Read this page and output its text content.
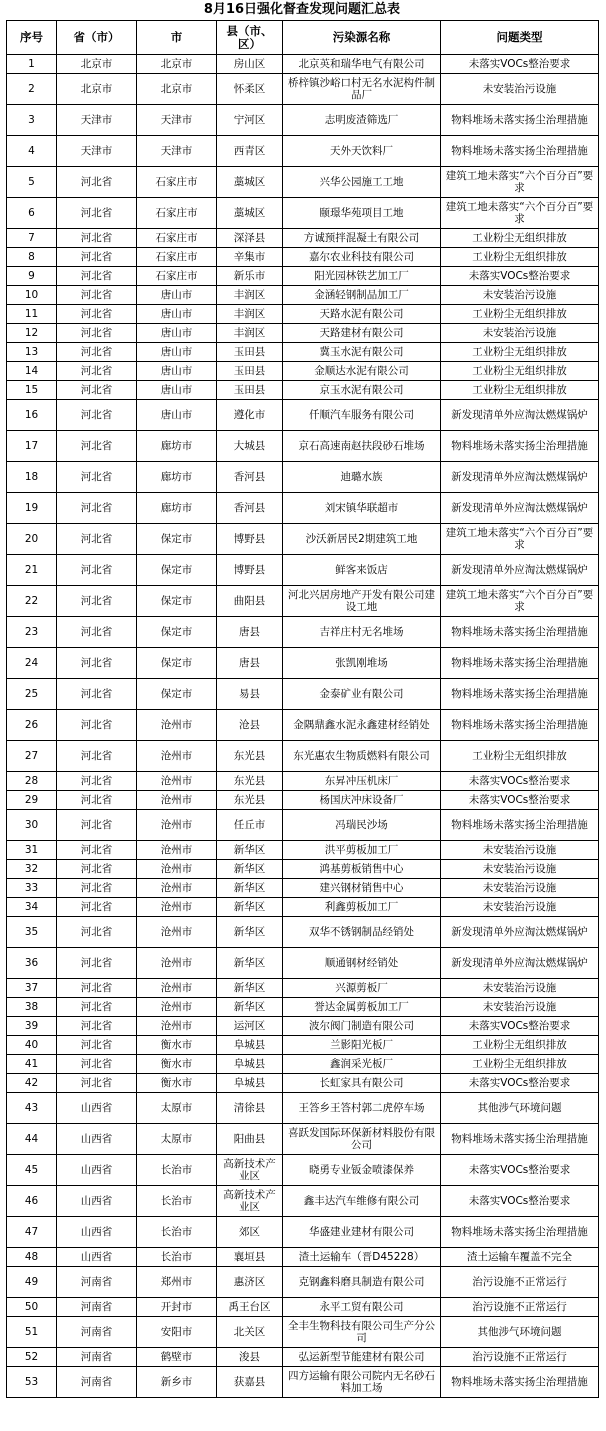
8月16日强化督查发现问题汇总表
序号	省（市）	市	县（市、区）	污染源名称	问题类型
1	北京市	北京市	房山区	北京英和瑞华电气有限公司	未落实VOCs整治要求
2	北京市	北京市	怀柔区	桥梓镇沙峪口村无名水泥构件制品厂	未安装治污设施
3	天津市	天津市	宁河区	志明废渣筛选厂	物料堆场未落实扬尘治理措施
4	天津市	天津市	西青区	天外天饮料厂	物料堆场未落实扬尘治理措施
5	河北省	石家庄市	藁城区	兴华公园施工工地	建筑工地未落实“六个百分百”要求
6	河北省	石家庄市	藁城区	颐璟华苑项目工地	建筑工地未落实“六个百分百”要求
7	河北省	石家庄市	深泽县	方诚预拌混凝土有限公司	工业粉尘无组织排放
8	河北省	石家庄市	辛集市	嘉尔农业科技有限公司	工业粉尘无组织排放
9	河北省	石家庄市	新乐市	阳光园林铁艺加工厂	未落实VOCs整治要求
10	河北省	唐山市	丰润区	金涵轻钢制品加工厂	未安装治污设施
11	河北省	唐山市	丰润区	天路水泥有限公司	工业粉尘无组织排放
12	河北省	唐山市	丰润区	天路建材有限公司	未安装治污设施
13	河北省	唐山市	玉田县	冀玉水泥有限公司	工业粉尘无组织排放
14	河北省	唐山市	玉田县	金顺达水泥有限公司	工业粉尘无组织排放
15	河北省	唐山市	玉田县	京玉水泥有限公司	工业粉尘无组织排放
16	河北省	唐山市	遵化市	仟顺汽车服务有限公司	新发现清单外应淘汰燃煤锅炉
17	河北省	廊坊市	大城县	京石高速南赵扶段砂石堆场	物料堆场未落实扬尘治理措施
18	河北省	廊坊市	香河县	迪璐水族	新发现清单外应淘汰燃煤锅炉
19	河北省	廊坊市	香河县	刘宋镇华联超市	新发现清单外应淘汰燃煤锅炉
20	河北省	保定市	博野县	沙沃新居民2期建筑工地	建筑工地未落实“六个百分百”要求
21	河北省	保定市	博野县	鲜客来饭店	新发现清单外应淘汰燃煤锅炉
22	河北省	保定市	曲阳县	河北兴居房地产开发有限公司建设工地	建筑工地未落实“六个百分百”要求
23	河北省	保定市	唐县	吉祥庄村无名堆场	物料堆场未落实扬尘治理措施
24	河北省	保定市	唐县	张凯刚堆场	物料堆场未落实扬尘治理措施
25	河北省	保定市	易县	金泰矿业有限公司	物料堆场未落实扬尘治理措施
26	河北省	沧州市	沧县	金隅鼎鑫水泥永鑫建材经销处	物料堆场未落实扬尘治理措施
27	河北省	沧州市	东光县	东光惠农生物质燃料有限公司	工业粉尘无组织排放
28	河北省	沧州市	东光县	东昇冲压机床厂	未落实VOCs整治要求
29	河北省	沧州市	东光县	杨国庆冲床设备厂	未落实VOCs整治要求
30	河北省	沧州市	任丘市	冯瑞民沙场	物料堆场未落实扬尘治理措施
31	河北省	沧州市	新华区	洪平剪板加工厂	未安装治污设施
32	河北省	沧州市	新华区	鸿基剪板销售中心	未安装治污设施
33	河北省	沧州市	新华区	建兴钢材销售中心	未安装治污设施
34	河北省	沧州市	新华区	利鑫剪板加工厂	未安装治污设施
35	河北省	沧州市	新华区	双华不锈钢制品经销处	新发现清单外应淘汰燃煤锅炉
36	河北省	沧州市	新华区	顺通钢材经销处	新发现清单外应淘汰燃煤锅炉
37	河北省	沧州市	新华区	兴源剪板厂	未安装治污设施
38	河北省	沧州市	新华区	誉达金属剪板加工厂	未安装治污设施
39	河北省	沧州市	运河区	波尔阀门制造有限公司	未落实VOCs整治要求
40	河北省	衡水市	阜城县	兰影阳光板厂	工业粉尘无组织排放
41	河北省	衡水市	阜城县	鑫润采光板厂	工业粉尘无组织排放
42	河北省	衡水市	阜城县	长虹家具有限公司	未落实VOCs整治要求
43	山西省	太原市	清徐县	王答乡王答村郭二虎停车场	其他涉气环境问题
44	山西省	太原市	阳曲县	喜跃发国际环保新材料股份有限公司	物料堆场未落实扬尘治理措施
45	山西省	长治市	高新技术产业区	晓勇专业钣金喷漆保养	未落实VOCs整治要求
46	山西省	长治市	高新技术产业区	鑫丰达汽车维修有限公司	未落实VOCs整治要求
47	山西省	长治市	郊区	华盛建业建材有限公司	物料堆场未落实扬尘治理措施
48	山西省	长治市	襄垣县	渣土运输车（晋D45228）	渣土运输车覆盖不完全
49	河南省	郑州市	惠济区	克钢鑫料磨具制造有限公司	治污设施不正常运行
50	河南省	开封市	禹王台区	永平工贸有限公司	治污设施不正常运行
51	河南省	安阳市	北关区	全丰生物科技有限公司生产分公司	其他涉气环境问题
52	河南省	鹤壁市	浚县	弘运新型节能建材有限公司	治污设施不正常运行
53	河南省	新乡市	获嘉县	四方运输有限公司院内无名砂石料加工场	物料堆场未落实扬尘治理措施
